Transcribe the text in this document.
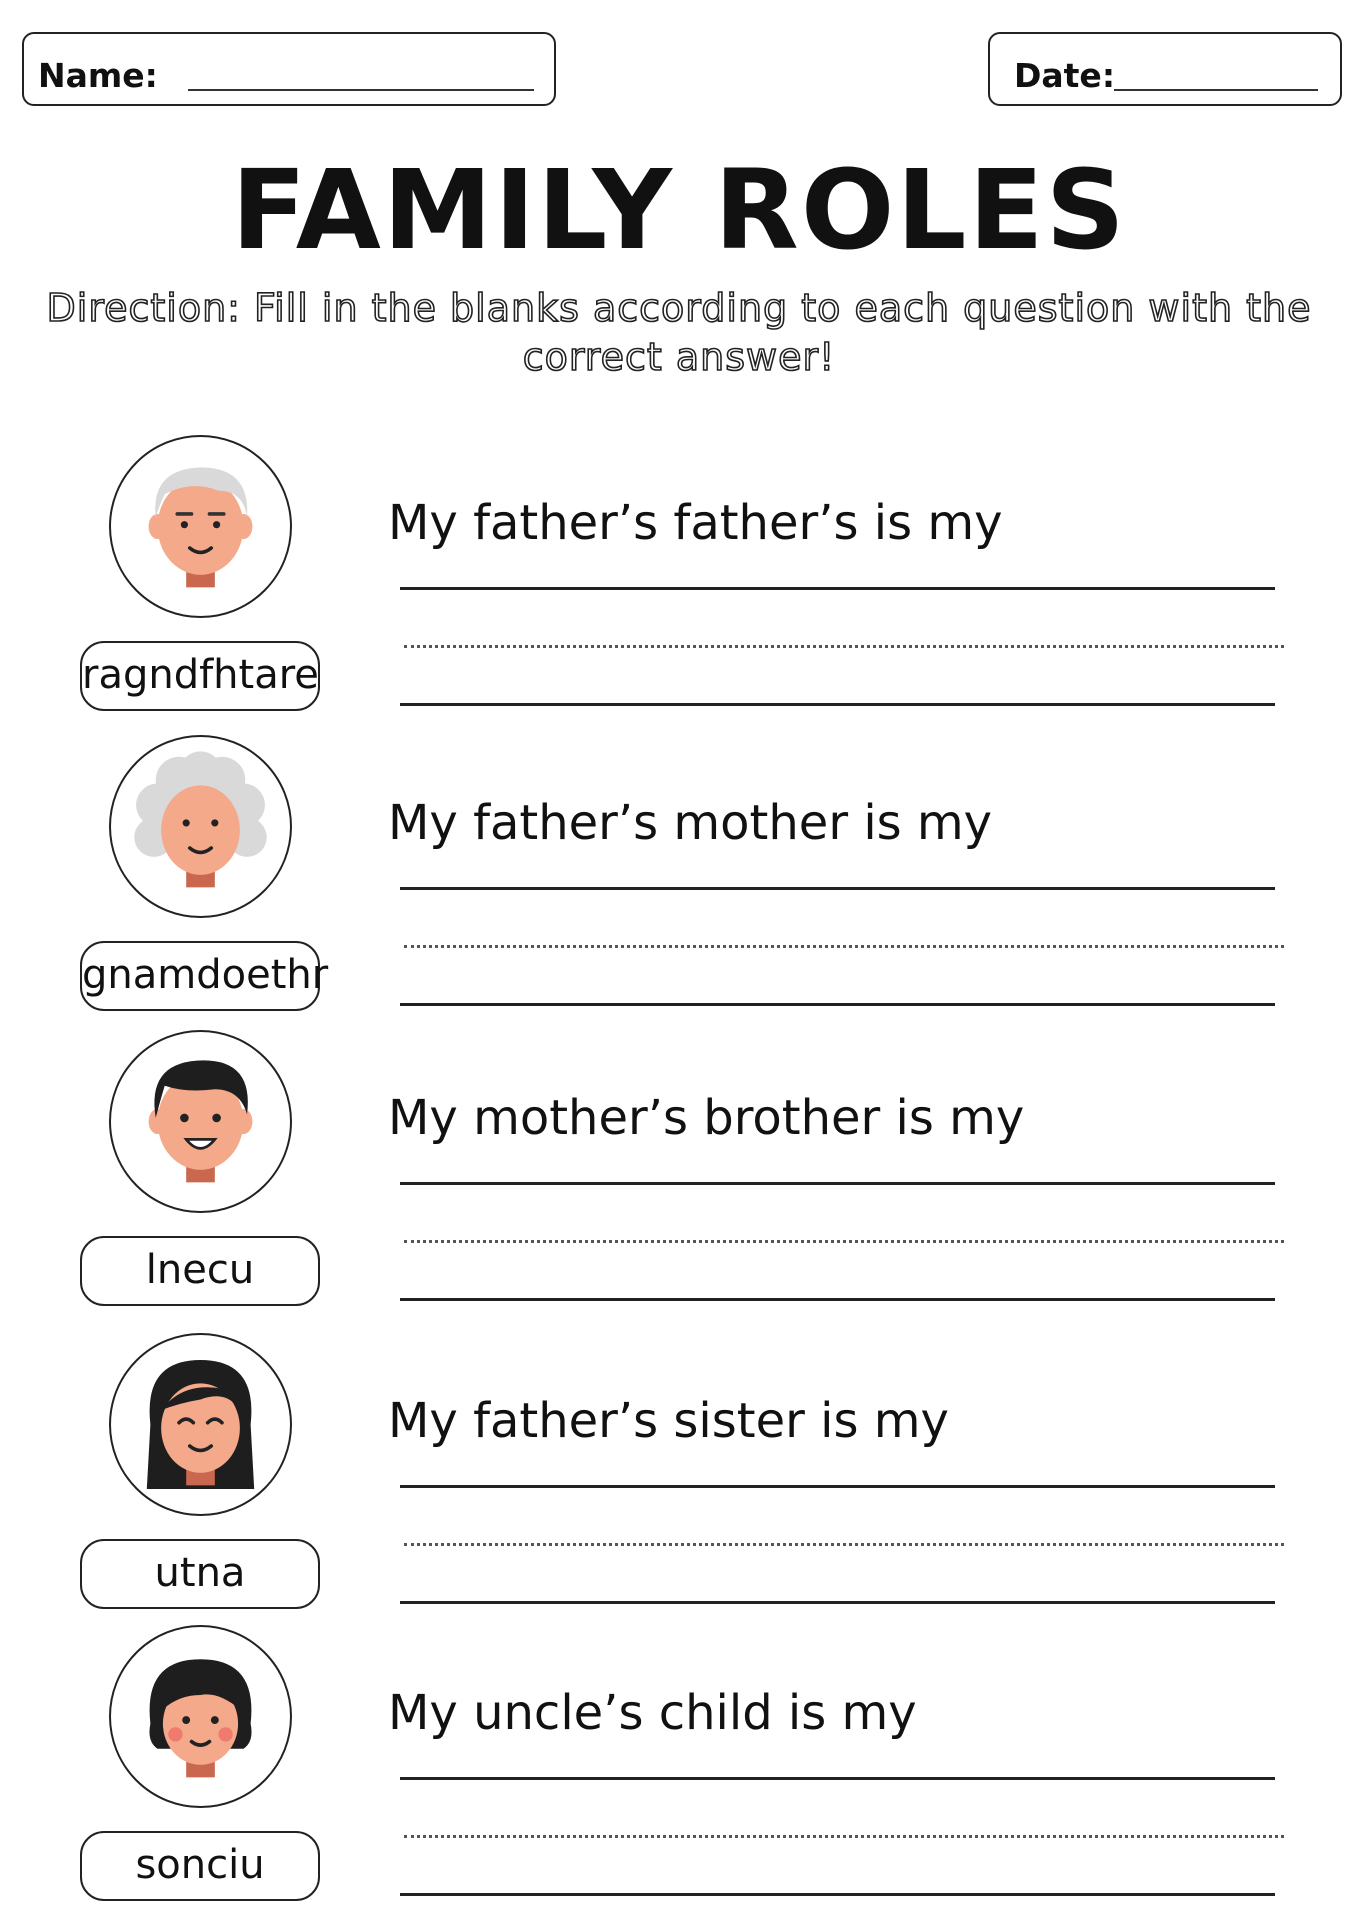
Name:	Date:
FAMILY ROLES
Direction: Fill in the blanks according to each question with the correct answer!
ragndfhtare
My father’s father’s is my
gnamdoethr
My father’s mother is my
lnecu
My mother’s brother is my
utna
My father’s sister is my
sonciu
My uncle’s child is my
